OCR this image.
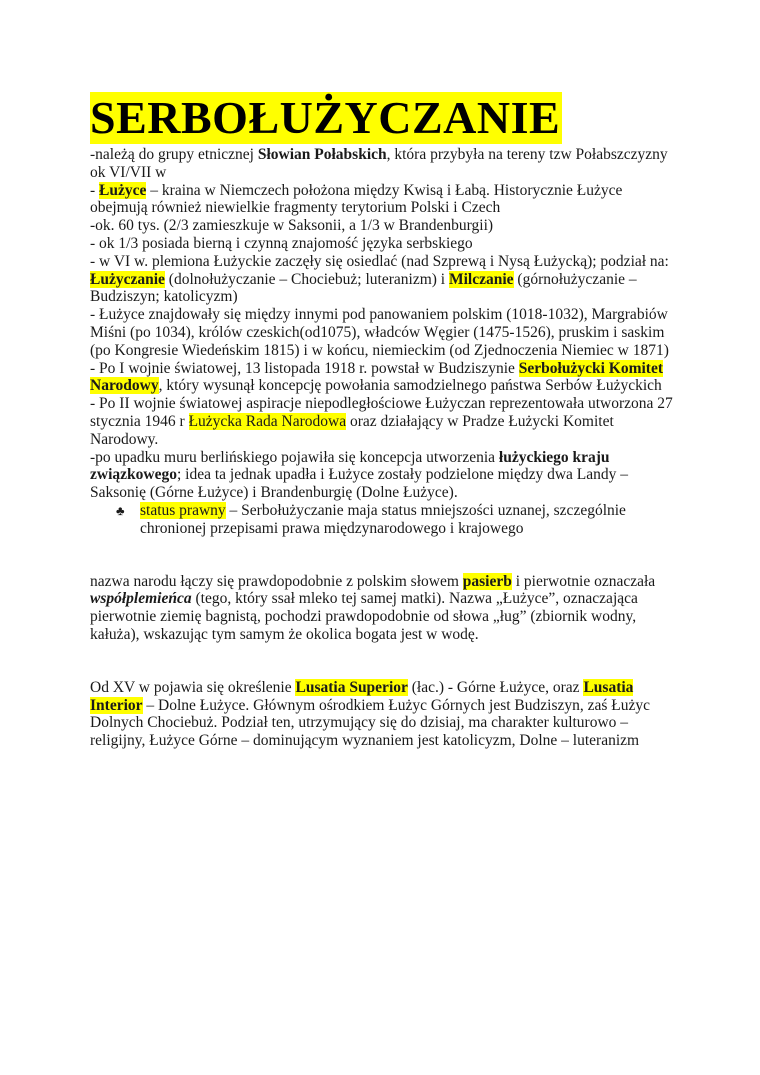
SERBOŁUŻYCZANIE

-należą do grupy etnicznej Słowian Połabskich, która przybyła na tereny tzw Połabszczyzny ok VI/VII w

- Łużyce – kraina w Niemczech położona między Kwisą i Łabą. Historycznie Łużyce obejmują również niewielkie fragmenty terytorium Polski i Czech

-ok. 60 tys. (2/3 zamieszkuje w Saksonii, a 1/3 w Brandenburgii)

- ok 1/3 posiada bierną i czynną znajomość języka serbskiego

- w VI w. plemiona Łużyckie zaczęły się osiedlać (nad Szprewą i Nysą Łużycką); podział na: Łużyczanie (dolnołużyczanie – Chociebuż; luteranizm) i Milczanie (górnołużyczanie – Budziszyn; katolicyzm)

- Łużyce znajdowały się między innymi pod panowaniem polskim (1018-1032), Margrabiów Miśni (po 1034), królów czeskich(od1075), władców Węgier (1475-1526), pruskim i saskim (po Kongresie Wiedeńskim 1815) i w końcu, niemieckim (od Zjednoczenia Niemiec w 1871)

- Po I wojnie światowej, 13 listopada 1918 r. powstał w Budziszynie Serbołużycki Komitet Narodowy, który wysunął koncepcję powołania samodzielnego państwa Serbów Łużyckich

- Po II wojnie światowej aspiracje niepodległościowe Łużyczan reprezentowała utworzona 27 stycznia 1946 r Łużycka Rada Narodowa oraz działający w Pradze Łużycki Komitet Narodowy.

-po upadku muru berlińskiego pojawiła się koncepcja utworzenia łużyckiego kraju związkowego; idea ta jednak upadła i Łużyce zostały podzielone między dwa Landy – Saksonię (Górne Łużyce) i Brandenburgię (Dolne Łużyce).

♣ status prawny – Serbołużyczanie maja status mniejszości uznanej, szczególnie chronionej przepisami prawa międzynarodowego i krajowego

nazwa narodu łączy się prawdopodobnie z polskim słowem pasierb i pierwotnie oznaczała współplemieńca (tego, który ssał mleko tej samej matki). Nazwa „Łużyce”, oznaczająca pierwotnie ziemię bagnistą, pochodzi prawdopodobnie od słowa „ług” (zbiornik wodny, kałuża), wskazując tym samym że okolica bogata jest w wodę.

Od XV w pojawia się określenie Lusatia Superior (łac.) - Górne Łużyce, oraz Lusatia Interior – Dolne Łużyce. Głównym ośrodkiem Łużyc Górnych jest Budziszyn, zaś Łużyc Dolnych Chociebuż. Podział ten, utrzymujący się do dzisiaj, ma charakter kulturowo – religijny, Łużyce Górne – dominującym wyznaniem jest katolicyzm, Dolne – luteranizm
